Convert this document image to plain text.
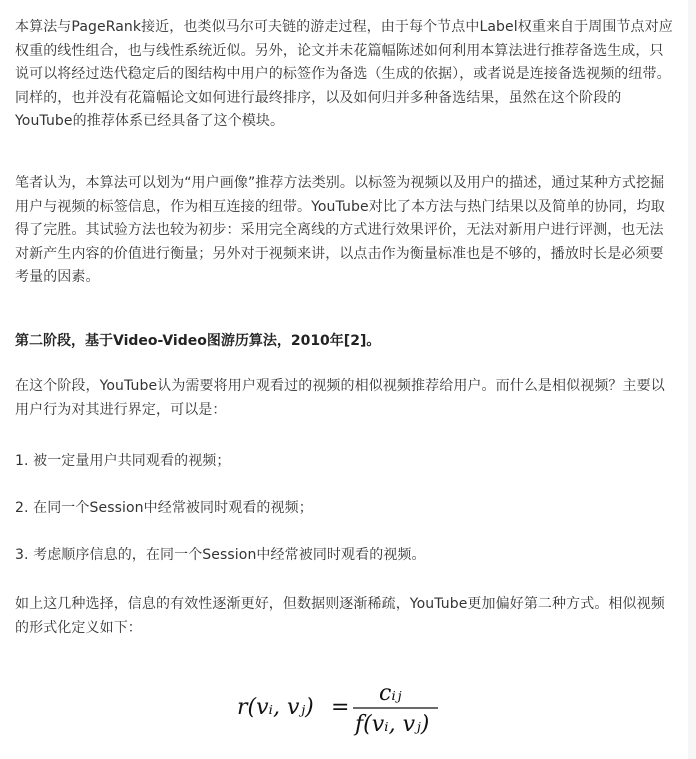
本算法与PageRank接近，也类似马尔可夫链的游走过程，由于每个节点中Label权重来自于周围节点对应权重的线性组合，也与线性系统近似。另外，论文并未花篇幅陈述如何利用本算法进行推荐备选生成，只说可以将经过迭代稳定后的图结构中用户的标签作为备选（生成的依据），或者说是连接备选视频的纽带。同样的，也并没有花篇幅论文如何进行最终排序，以及如何归并多种备选结果，虽然在这个阶段的YouTube的推荐体系已经具备了这个模块。

笔者认为，本算法可以划为“用户画像”推荐方法类别。以标签为视频以及用户的描述，通过某种方式挖掘用户与视频的标签信息，作为相互连接的纽带。YouTube对比了本方法与热门结果以及简单的协同，均取得了完胜。其试验方法也较为初步：采用完全离线的方式进行效果评价，无法对新用户进行评测，也无法对新产生内容的价值进行衡量；另外对于视频来讲，以点击作为衡量标准也是不够的，播放时长是必须要考量的因素。

第二阶段，基于Video-Video图游历算法，2010年[2]。

在这个阶段，YouTube认为需要将用户观看过的视频的相似视频推荐给用户。而什么是相似视频？主要以用户行为对其进行界定，可以是：

1. 被一定量用户共同观看的视频；

2. 在同一个Session中经常被同时观看的视频；

3. 考虑顺序信息的，在同一个Session中经常被同时观看的视频。

如上这几种选择，信息的有效性逐渐更好，但数据则逐渐稀疏，YouTube更加偏好第二种方式。相似视频的形式化定义如下：

r(vᵢ, vⱼ) =
cᵢⱼ
f(vᵢ, vⱼ)
